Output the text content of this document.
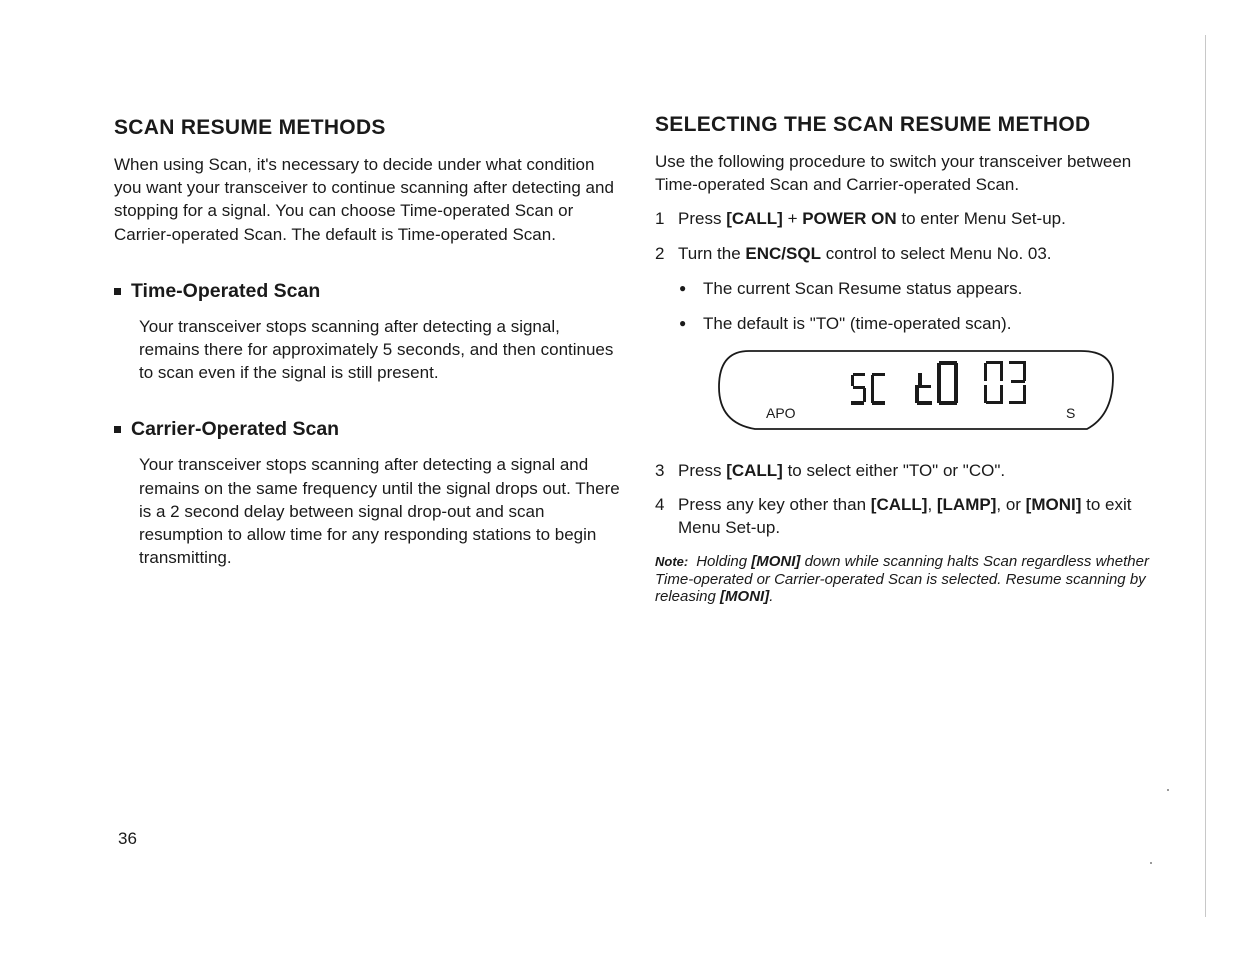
SCAN RESUME METHODS

When using Scan, it's necessary to decide under what condition you want your transceiver to continue scanning after detecting and stopping for a signal. You can choose Time-operated Scan or Carrier-operated Scan. The default is Time-operated Scan.

Time-Operated Scan

Your transceiver stops scanning after detecting a signal, remains there for approximately 5 seconds, and then continues to scan even if the signal is still present.

Carrier-Operated Scan

Your transceiver stops scanning after detecting a signal and remains on the same frequency until the signal drops out. There is a 2 second delay between signal drop-out and scan resumption to allow time for any responding stations to begin transmitting.

SELECTING THE SCAN RESUME METHOD

Use the following procedure to switch your transceiver between Time-operated Scan and Carrier-operated Scan.

1 Press [CALL] + POWER ON to enter Menu Set-up.
2 Turn the ENC/SQL control to select Menu No. 03.
● The current Scan Resume status appears.
● The default is "TO" (time-operated scan).
APO	S
3 Press [CALL] to select either "TO" or "CO".
4 Press any key other than [CALL], [LAMP], or [MONI] to exit Menu Set-up.
Note: Holding [MONI] down while scanning halts Scan regardless whether Time-operated or Carrier-operated Scan is selected. Resume scanning by releasing [MONI].
36
